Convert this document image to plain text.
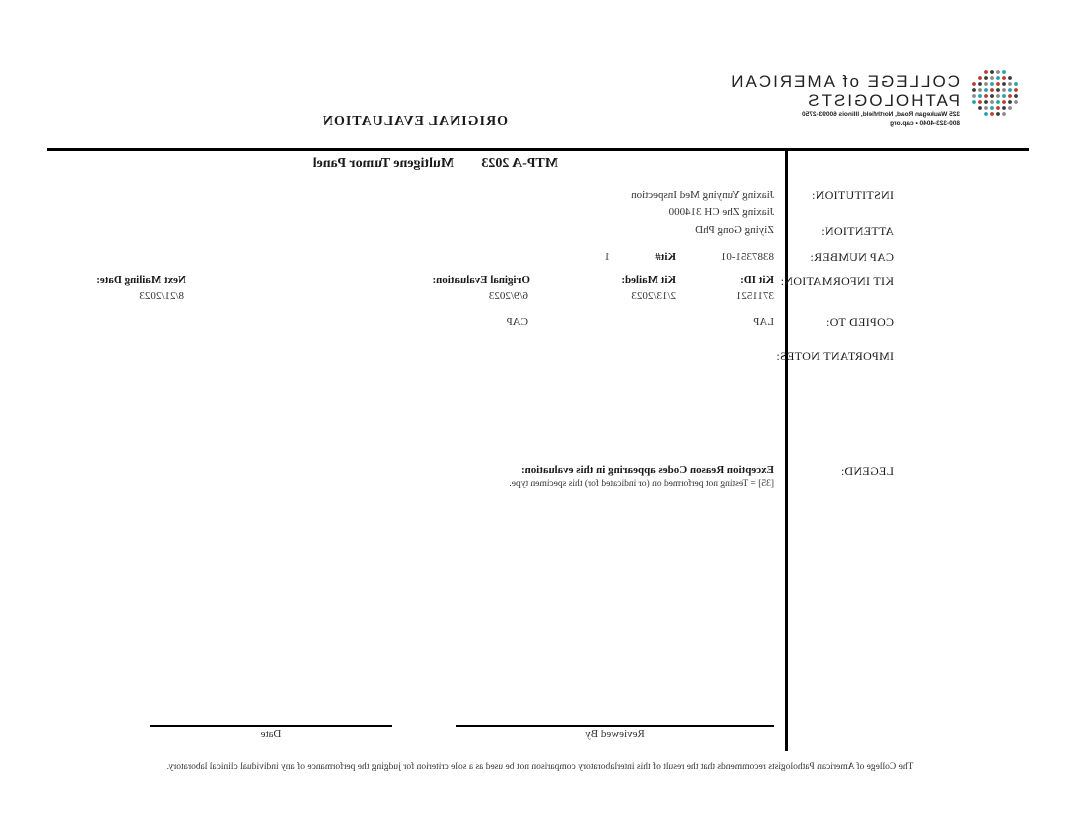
COLLEGE of AMERICAN
PATHOLOGISTS
325 Waukegan Road, Northfield, Illinois 60093-2750
800-323-4040 • cap.org
ORIGINAL EVALUATION
MTP-A 2023
Multigene Tumor Panel
INSTITUTION:
ATTENTION:
CAP NUMBER:
KIT INFORMATION:
COPIED TO:
IMPORTANT NOTES:
LEGEND:
Jiaxing Yunying Med Inspection
Jiaxing Zhe CH 314000
Ziying Gong PhD
8387351-01
Kit#
1
Kit ID:
3711521
Kit Mailed:
2/13/2023
Original Evaluation:
6/9/2023
Next Mailing Date:
8/21/2023
LAP
CAP
Exception Reason Codes appearing in this evaluation:
[35] = Testing not performed on (or indicated for) this specimen type.
Reviewed By
Date
The College of American Pathologists recommends that the result of this interlaboratory comparison not be used as a sole criterion for judging the performance of any individual clinical laboratory.
